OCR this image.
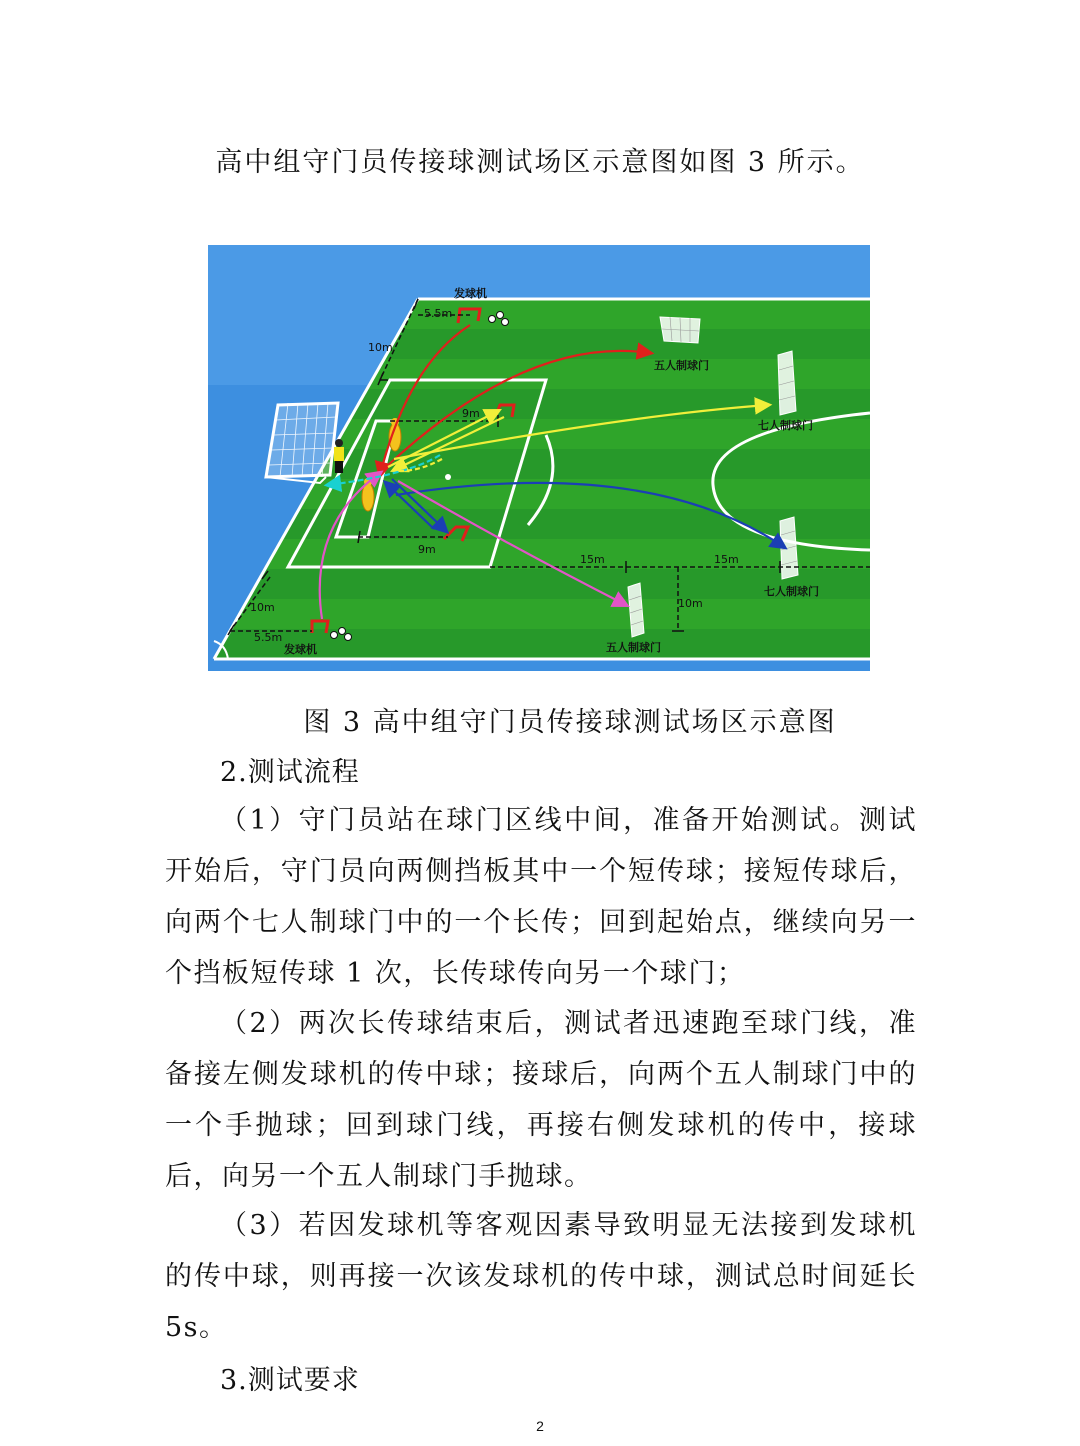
高中组守门员传接球测试场区示意图如图 3 所示。
发球机
5.5m
10m
9m
9m
15m	15m
10m
10m
5.5m
发球机
五人制球门
七人制球门
七人制球门
五人制球门
图 3 高中组守门员传接球测试场区示意图
2.测试流程

（1）守门员站在球门区线中间，准备开始测试。测试开始后，守门员向两侧挡板其中一个短传球；接短传球后，向两个七人制球门中的一个长传；回到起始点，继续向另一个挡板短传球 1 次，长传球传向另一个球门；

（2）两次长传球结束后，测试者迅速跑至球门线，准备接左侧发球机的传中球；接球后，向两个五人制球门中的一个手抛球；回到球门线，再接右侧发球机的传中，接球后，向另一个五人制球门手抛球。

（3）若因发球机等客观因素导致明显无法接到发球机的传中球，则再接一次该发球机的传中球，测试总时间延长 5s。

3.测试要求
2
